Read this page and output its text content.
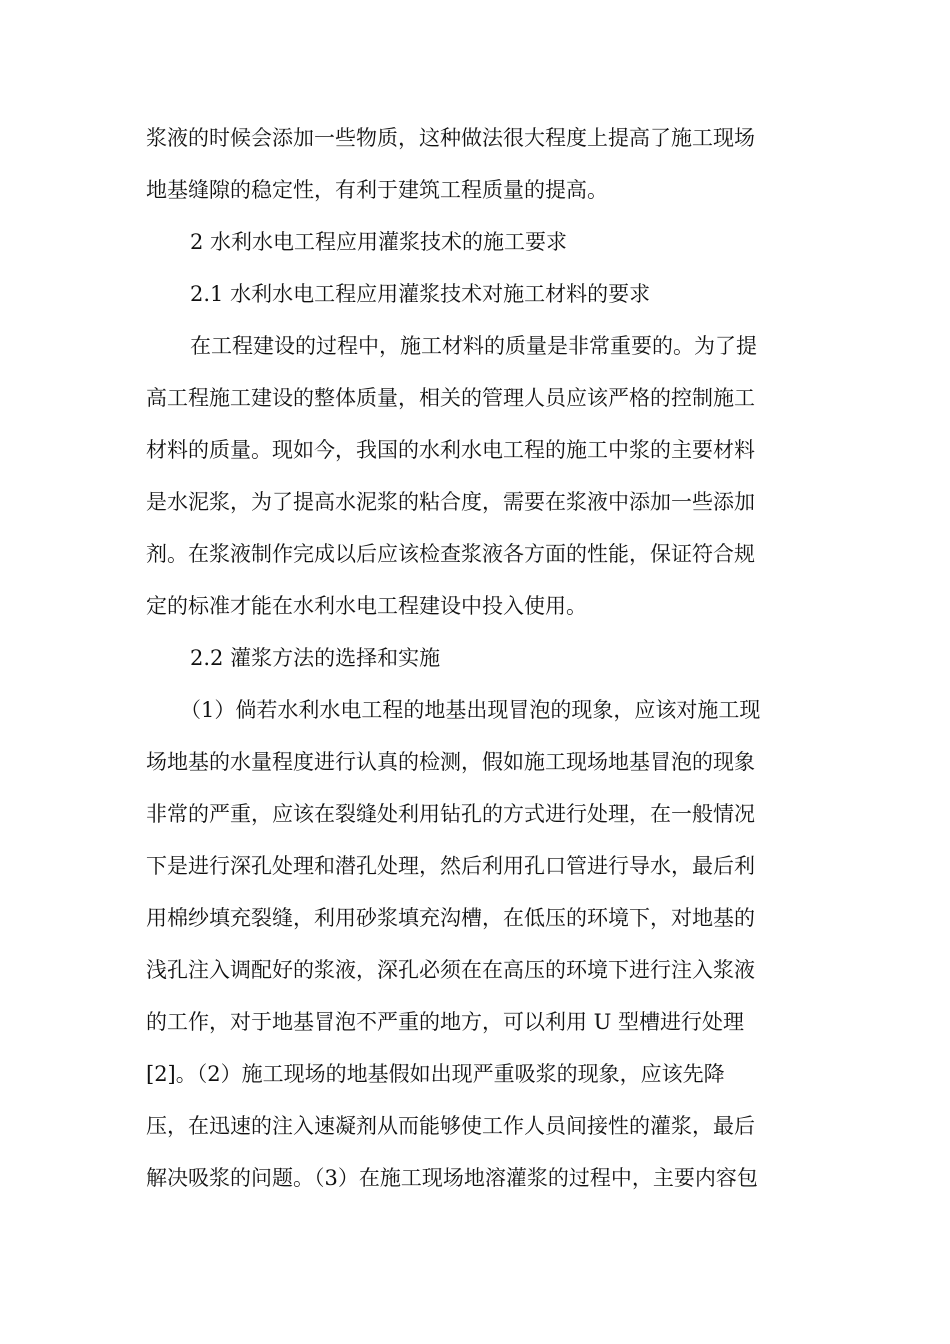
浆液的时候会添加一些物质，这种做法很大程度上提高了施工现场

地基缝隙的稳定性，有利于建筑工程质量的提高。

2 水利水电工程应用灌浆技术的施工要求

2.1 水利水电工程应用灌浆技术对施工材料的要求

在工程建设的过程中，施工材料的质量是非常重要的。为了提

高工程施工建设的整体质量，相关的管理人员应该严格的控制施工

材料的质量。现如今，我国的水利水电工程的施工中浆的主要材料

是水泥浆，为了提高水泥浆的粘合度，需要在浆液中添加一些添加

剂。在浆液制作完成以后应该检查浆液各方面的性能，保证符合规

定的标准才能在水利水电工程建设中投入使用。

2.2 灌浆方法的选择和实施

（1）倘若水利水电工程的地基出现冒泡的现象，应该对施工现

场地基的水量程度进行认真的检测，假如施工现场地基冒泡的现象

非常的严重，应该在裂缝处利用钻孔的方式进行处理，在一般情况

下是进行深孔处理和潜孔处理，然后利用孔口管进行导水，最后利

用棉纱填充裂缝，利用砂浆填充沟槽，在低压的环境下，对地基的

浅孔注入调配好的浆液，深孔必须在在高压的环境下进行注入浆液

的工作，对于地基冒泡不严重的地方，可以利用 U 型槽进行处理

[2]。（2）施工现场的地基假如出现严重吸浆的现象，应该先降

压，在迅速的注入速凝剂从而能够使工作人员间接性的灌浆，最后

解决吸浆的问题。（3）在施工现场地溶灌浆的过程中，主要内容包
